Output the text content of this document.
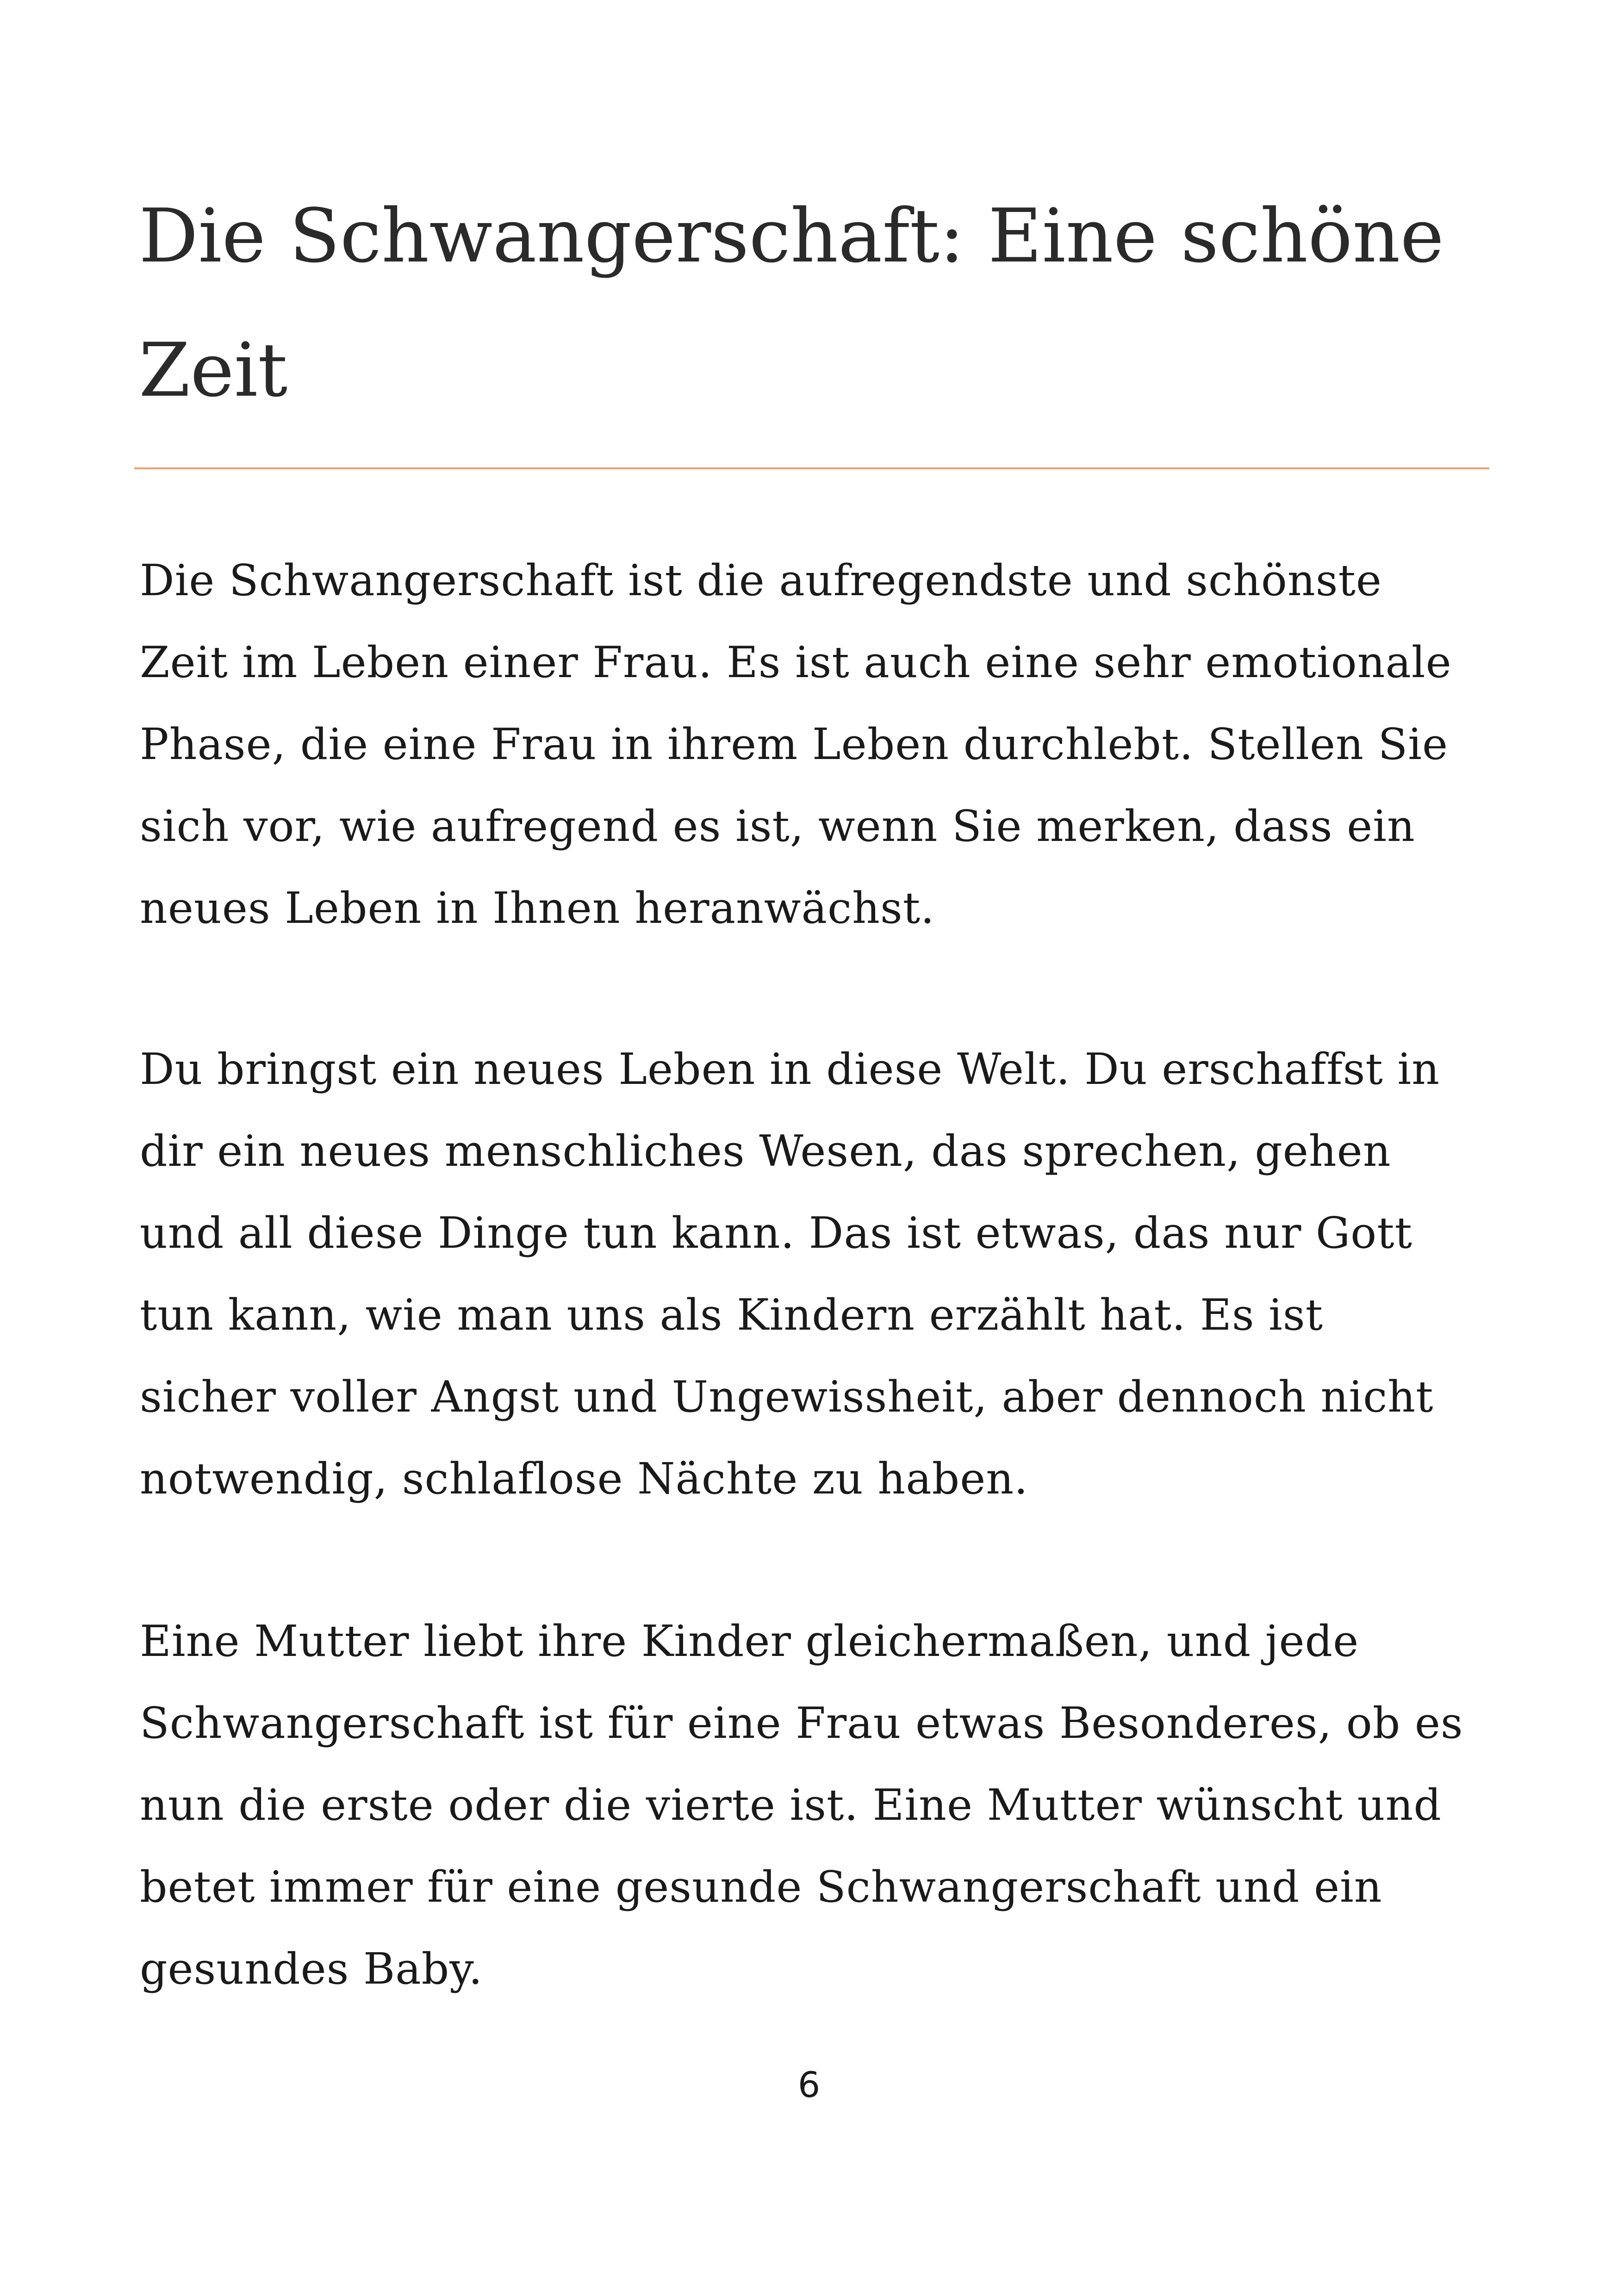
Die Schwangerschaft: Eine schöne
Zeit

Die Schwangerschaft ist die aufregendste und schönste
Zeit im Leben einer Frau. Es ist auch eine sehr emotionale
Phase, die eine Frau in ihrem Leben durchlebt. Stellen Sie
sich vor, wie aufregend es ist, wenn Sie merken, dass ein
neues Leben in Ihnen heranwächst.

Du bringst ein neues Leben in diese Welt. Du erschaffst in
dir ein neues menschliches Wesen, das sprechen, gehen
und all diese Dinge tun kann. Das ist etwas, das nur Gott
tun kann, wie man uns als Kindern erzählt hat. Es ist
sicher voller Angst und Ungewissheit, aber dennoch nicht
notwendig, schlaflose Nächte zu haben.

Eine Mutter liebt ihre Kinder gleichermaßen, und jede
Schwangerschaft ist für eine Frau etwas Besonderes, ob es
nun die erste oder die vierte ist. Eine Mutter wünscht und
betet immer für eine gesunde Schwangerschaft und ein
gesundes Baby.

6
